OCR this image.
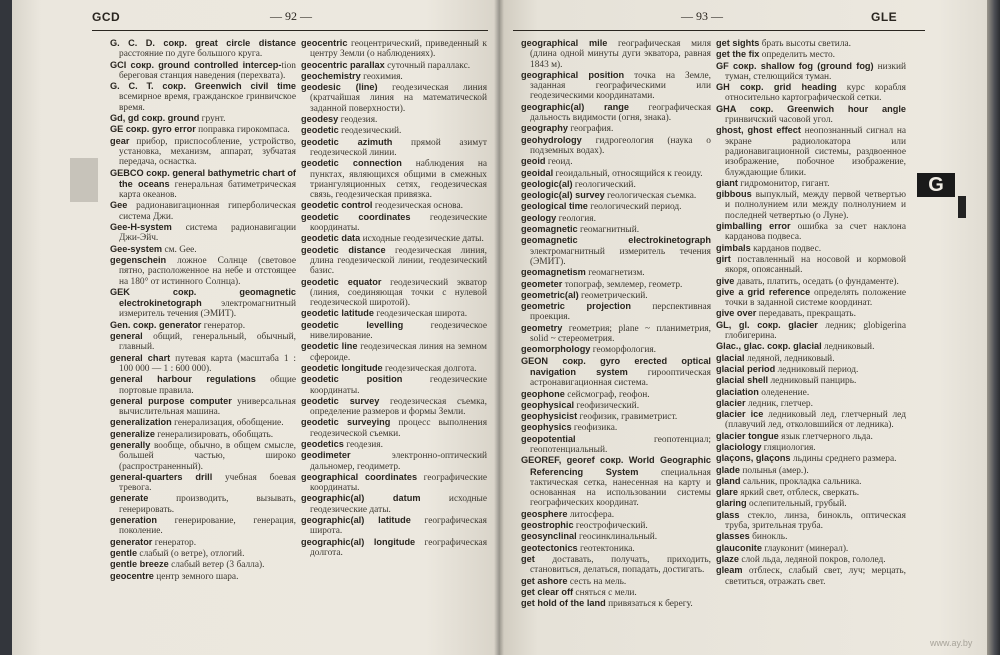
GCD	— 92 —

G. C. D. сокр. great circle distance расстояние по дуге большого круга.

GCI сокр. ground controlled intercep-tion береговая станция наведения (перехвата).

G. C. T. сокр. Greenwich civil time всемирное время, гражданское гринвичское время.

Gd, gd сокр. ground грунт.

GE сокр. gyro error поправка гирокомпаса.

gear прибор, приспособление, устройство, установка, механизм, аппарат, зубчатая передача, оснастка.

GEBCO сокр. general bathymetric chart of the oceans генеральная батиметрическая карта океанов.

Gee радионавигационная гиперболическая система Джи.

Gee-H-system система радионавигации Джи-Эйч.

Gee-system см. Gee.

gegenschein ложное Солнце (световое пятно, расположенное на небе и отстоящее на 180° от истинного Солнца).

GEK сокр. geomagnetic electrokinetograph электромагнитный измеритель течения (ЭМИТ).

Gen. сокр. generator генератор.

general общий, генеральный, обычный, главный.

general chart путевая карта (масштаба 1 : 100 000 — 1 : 600 000).

general harbour regulations общие портовые правила.

general purpose computer универсальная вычислительная машина.

generalization генерализация, обобщение.

generalize генерализировать, обобщать.

generally вообще, обычно, в общем смысле, большей частью, широко (распространенный).

general-quarters drill учебная боевая тревога.

generate производить, вызывать, генерировать.

generation генерирование, генерация, поколение.

generator генератор.

gentle слабый (о ветре), отлогий.

gentle breeze слабый ветер (3 балла).

geocentre центр земного шара.

geocentric геоцентрический, приведенный к центру Земли (о наблюдениях).

geocentric parallax суточный параллакс.

geochemistry геохимия.

geodesic (line) геодезическая линия (кратчайшая линия на математической заданной поверхности).

geodesy геодезия.

geodetic геодезический.

geodetic azimuth прямой азимут геодезической линии.

geodetic connection наблюдения на пунктах, являющихся общими в смежных триангуляционных сетях, геодезическая связь, геодезическая привязка.

geodetic control геодезическая основа.

geodetic coordinates геодезические координаты.

geodetic data исходные геодезические даты.

geodetic distance геодезическая линия, длина геодезической линии, геодезический базис.

geodetic equator геодезический экватор (линия, соединяющая точки с нулевой геодезической широтой).

geodetic latitude геодезическая широта.

geodetic levelling геодезическое нивелирование.

geodetic line геодезическая линия на земном сфероиде.

geodetic longitude геодезическая долгота.

geodetic position геодезические координаты.

geodetic survey геодезическая съемка, определение размеров и формы Земли.

geodetic surveying процесс выполнения геодезической съемки.

geodetics геодезия.

geodimeter электронно-оптический дальномер, геодиметр.

geographical coordinates географические координаты.

geographic(al) datum исходные геодезические даты.

geographic(al) latitude географическая широта.

geographic(al) longitude географическая долгота.

— 93 —	GLE

geographical mile географическая миля (длина одной минуты дуги экватора, равная 1843 м).

geographical position точка на Земле, заданная географическими или геодезическими координатами.

geographic(al) range географическая дальность видимости (огня, знака).

geography география.

geohydrology гидрогеология (наука о подземных водах).

geoid геоид.

geoidal геоидальный, относящийся к геоиду.

geologic(al) геологический.

geologic(al) survey геологическая съемка.

geological time геологический период.

geology геология.

geomagnetic геомагнитный.

geomagnetic electrokinetograph электромагнитный измеритель течения (ЭМИТ).

geomagnetism геомагнетизм.

geometer топограф, землемер, геометр.

geometric(al) геометрический.

geometric projection перспективная проекция.

geometry геометрия; plane ~ планиметрия, solid ~ стереометрия.

geomorphology геоморфология.

GEON сокр. gyro erected optical navigation system гирооптическая астронавигационная система.

geophone сейсмограф, геофон.

geophysical геофизический.

geophysicist геофизик, гравиметрист.

geophysics геофизика.

geopotential геопотенциал; геопотенциальный.

GEOREF, georef сокр. World Geographic Referencing System специальная тактическая сетка, нанесенная на карту и основанная на использовании системы географических координат.

geosphere литосфера.

geostrophic геострофический.

geosynclinal геосинклинальный.

geotectonics геотектоника.

get доставать, получать, приходить, становиться, делаться, попадать, достигать.

get ashore сесть на мель.

get clear off сняться с мели.

get hold of the land привязаться к берегу.

get sights брать высоты светила.

get the fix определить место.

GF сокр. shallow fog (ground fog) низкий туман, стелющийся туман.

GH сокр. grid heading курс корабля относительно картографической сетки.

GHA сокр. Greenwich hour angle гринвичский часовой угол.

ghost, ghost effect неопознанный сигнал на экране радиолокатора или радионавигационной системы, раздвоенное изображение, побочное изображение, блуждающие блики.

giant гидромонитор, гигант.

gibbous выпуклый, между первой четвертью и полнолунием или между полнолунием и последней четвертью (о Луне).

gimballing error ошибка за счет наклона карданова подвеса.

gimbals карданов подвес.

girt поставленный на носовой и кормовой якоря, опоясанный.

give давать, платить, оседать (о фундаменте).

give a grid reference определять положение точки в заданной системе координат.

give over передавать, прекращать.

GL, gl. сокр. glacier ледник; globigerina глобигерина.

Glac., glac. сокр. glacial ледниковый.

glacial ледяной, ледниковый.

glacial period ледниковый период.

glacial shell ледниковый панцирь.

glaciation оледенение.

glacier ледник, глетчер.

glacier ice ледниковый лед, глетчерный лед (плавучий лед, отколовшийся от ледника).

glacier tongue язык глетчерного льда.

glaciology гляциология.

glaçons, glaçons льдины среднего размера.

glade полынья (амер.).

gland сальник, прокладка сальника.

glare яркий свет, отблеск, сверкать.

glaring ослепительный, грубый.

glass стекло, линза, бинокль, оптическая труба, зрительная труба.

glasses бинокль.

glauconite глауконит (минерал).

glaze слой льда, ледяной покров, гололед.

gleam отблеск, слабый свет, луч; мерцать, светиться, отражать свет.

G
www.ay.by
